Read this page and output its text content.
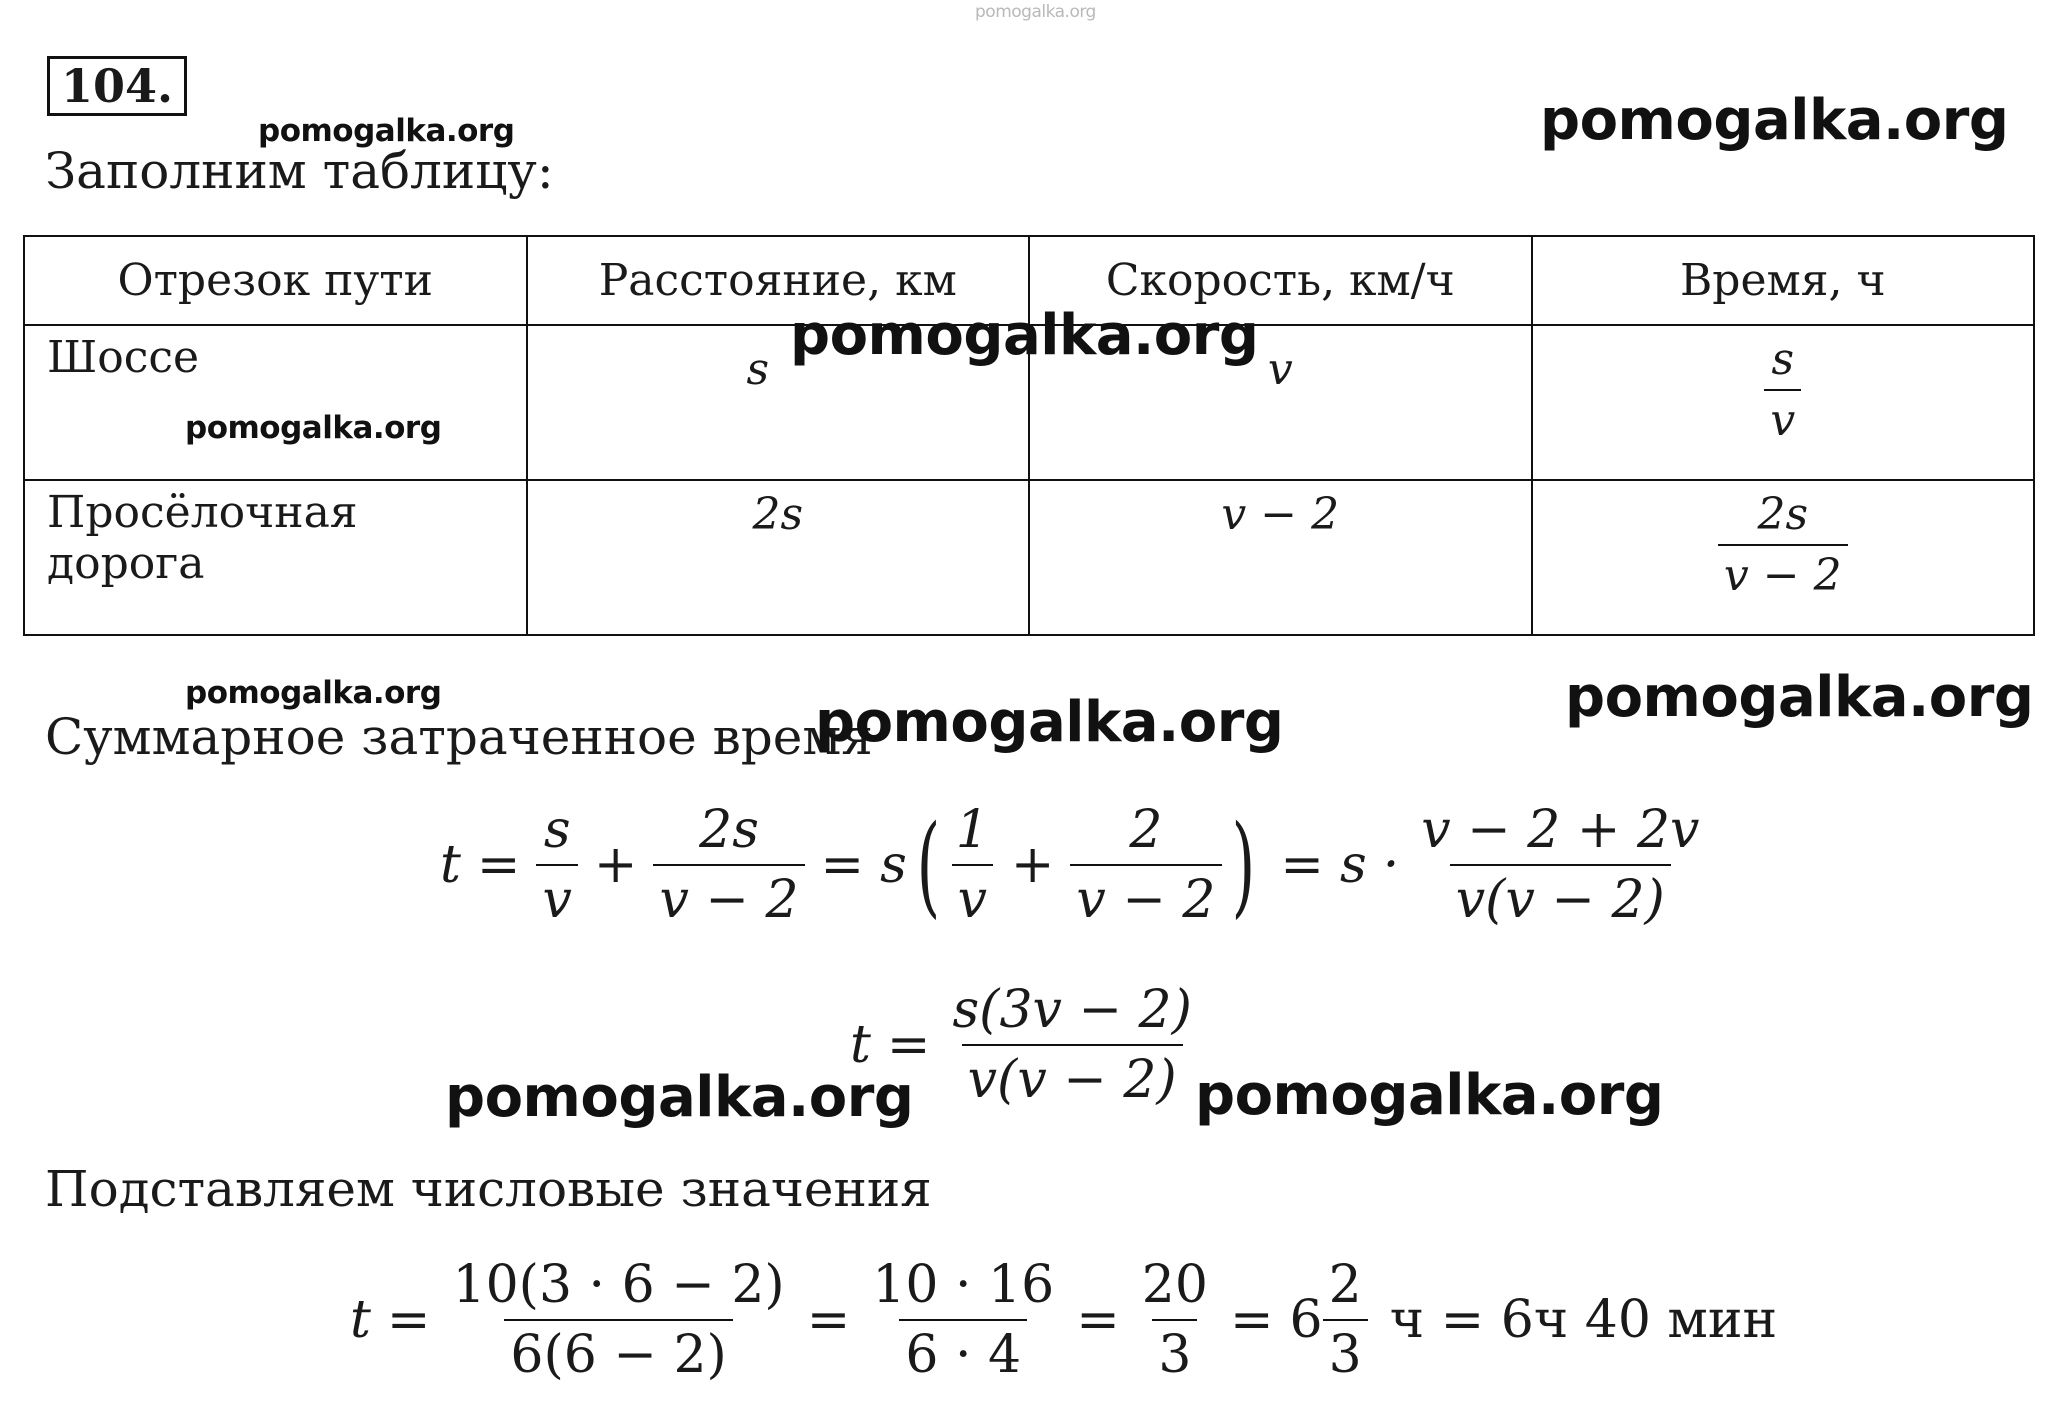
pomogalka.org
pomogalka.org	pomogalka.org
104.
Заполним таблицу:
Отрезок пути	Расстояние, км	Скорость, км/ч	Время, ч
Шоссе	s	v	$\frac{s}{v}$

Просёлочная дорога	2s	v − 2	$\frac{2s}{v - 2}$
pomogalka.org
pomogalka.org
pomogalka.org	pomogalka.org
Суммарное затраченное время
pomogalka.org
$t = \frac{s}{v} + \frac{2s}{v - 2} = s$ ( $\frac{1}{v} + \frac{2}{v - 2}$ ) = $s \cdot \frac{v - 2 + 2v}{v(v - 2)}$
$t = \frac{s(3v - 2)}{v(v - 2)}$
pomogalka.org	pomogalka.org
Подставляем числовые значения
$t = \frac{10(3 \cdot 6 - 2)}{6(6 - 2)} = \frac{10 \cdot 16}{6 \cdot 4} = \frac{20}{3} = 6 \frac{2}{3}$ ч = 6ч 40 мин
